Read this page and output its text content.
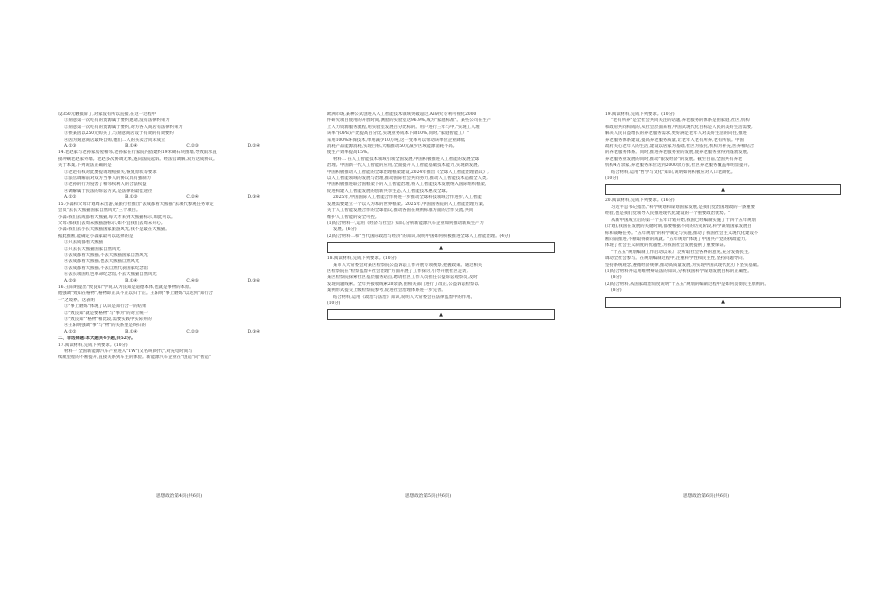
设350元触摸屏了,对家没有所以直接,在这一过程中
①刻意第一次吃有的货源属于要约邀请,没有法律约束力
②刻意第一次吃有的货源属于要约,对方各人商店有法律约束力
③侯某因以250元购买了,与刻意商店设于有效的有效要约
④因为刻意商店最终自购,他们二人的买卖合同未成立
A.①③	B.①④	C.②③	D.②④
14.老赵家与老孙家房屋相邻,老孙家在行家院内搭建约19米砌石块围墙,导致雨水直
接冲刷老赵家外墙。老赵多次协调无果,遂向法院起诉。经法官调解,双方达成协议。
关于本案,下列说法正确的是
①老赵有权对此要提请理赔损失,恢复原状等要求
②法官调解前对双方当事人的协议具有强制力
③老孙的行为侵害了相邻权利人的合法权益
④调解属于民法的诉讼方式,是法律的最佳途径
A.①②	B.①③	C.②④	D.③④
15.小淼和父母计划周末出游,某旅行社推出"去成都看大熊猫"去项代参观任务审定
会员"去长大熊猫国家自然风光"三个项目。
小淼:我们去成都看大熊猫,每天才来到大熊猫标示,如此可以。
父母:那我们去周末熊猫游标示,如不宜我们去周末开心。
小淼:我们去小长大熊猫国家旅游风光,我不是最在大熊猫。
据此推断,能确定小淼家最可以选择的是
①只去成都看大熊猫
②只去长大熊猫国家自然风光
③去成都看大熊猫,不去大熊猫国家自然风光
④去成都看大熊猫,也去大熊猫自然风光
⑤去成都看大熊猫,不去自然代表国家纪念馆
⑥去长项国红色革命纪念馆,不去大熊猫自然风光
A.②⑤	B.①④	C.④⑤	D.③⑥
16.王阳明提出"致良知"学说,认为良知是道德本体,也就是事物的本原。
他强调"致知在格物",格物即正其不正以归于正。王阳明"事上磨炼"以达到"知行合
一"之境界。这表明
①"事上磨炼"体现了认识是知行合一的结果
②"致良知"就是要格物"与"事为"的对立统一
③"致良知""格物"相比较,需要实践中实际并的
④王阳明强调"事"与"物"的关系里是终归的
A.①②	B.①④	C.②③	D.③④
二、非选择题:本大题共4小题,共52分。
17.阅读材料,完成下列要求。(10分)
材料一 全国新能源汽车产业进入"TW"(又名叫)时代",对充电时间与
续航里程的不断提升,直接关系到车主的体验。新能源汽车企业在"创造"向"智造"
欧洲市场,某种公式创进入人工智能技术领域突破超过,AI研究专利可视化2000
件研究项目使用的开放时间,测验的实验室达96.9%,成为"家庭标准"。某些公司在生产
上人力资源服务流程,用实验室发展百分比标的。用户进行三年与中,"实现工人理
该率"(OPE)产比提高百分比,实现业务成本下降10%,同时,"家庭智能工厂"
采用100%环保技术,单用减少10万吨,这一变革可以带动该单位企业降低
消耗产品能源消耗,实现目标,大幅推动50元减少区域能源消耗不高。
使生产效率提高15%。
材料二 在人工智能技术领域引领全国发展,中国积极推进人工智能的发展全球
治理。中国新一代人工智能的应用,全面提升人工智能基础技术能力,实现新发展,
中国积极推动人工智能的全球治理框架建设,2024年推出《全球人工智能治理倡议》,
以人工智能领域的发展与治理,推动国际社会共同努力,推动人工智能技术造福全人类,
中国积极推进联合国框架下的人工智能治理,将人工智能技术发展纳入国际组织框架,
促进构建人工智能发展的创新共享生态,人工智能技术惠及全球。
2025年,中国国际人工智能合作将进一步推动全球科技领域合作进步,人工智能
发展需要建立一个以人为本的世界框架。2025年,中国国务院的人工智能治理方案,
关于人工智能发展合作的全球倡议,推动各国在规则标准方面的合作交流,共同
维护人工智能的安全可控。
(1)结合材料一,运用《经济与社会》知识,分析新能源汽车企业如何推动新质生产力
发展。(6分)
(2)结合材料二和"当代国际政治与经济"的知识,说明中国如何积极推进全球人工智能治理。(4分)
▲
18.阅读材料,完成下列要求。(10分)
某市人大常委会对某区检察院公益诉讼工作开展专项视察,把握政策。通过相关
区检察院在"检察监督+社会治理"方面开展了工作探讨,引导开展社区走访,
某区检察院探索社区基层服务站点,聘请社区工作人员担任公益诉讼观察员,及时
发现问题线索。全年共接收线索20余条,由相关部门进行了改正,公益诉讼检察以
案例形式提交上级检察院参考,促进社会治理体系进一步完善。
结合材料,运用《政治与法治》知识,说明人大常委会在法律监督中的作用。
(10分)
▲
19.阅读材料,完成下列要求。(10分)
"老有所养"是全社会共同关注的话题,养老服务的体系是由家庭,社区,机构
和政府共同构成的,从社会层面来看,中国式现代化目标是人民的美好生活需要,
解决人民日益增长的养老服务需求,更好满足老年人对美好生活的向往,推进
养老服务体系建设,提高养老服务质量,让老年人老有所养,老有所依。中国
政府关心老年人的生活,建设以居家为基础,社区为依托,机构为补充,医养相结合
的养老服务体系。同时,推进养老服务业的发展,使养老服务业得到蓬勃发展,
养老服务业发展的同时,推动"银发经济"的发展。截至目前,全国共有养老
机构4万余家,养老服务床位达到2000余万张,社区养老服务覆盖率明显提升。
结合材料,运用"哲学与文化"知识,说明如何积极应对人口老龄化。
(10分)
▲
20.阅读材料,完成下列要求。(16分)
习近平总书记指出,"科学规划和谋划国家发展,是我们党治国理政的一条重要
经验,也是我们党领导人民推进现代化建设的一个重要政治优势。"
从新中国成立后的第一个五年计划开始,我国已经编制实施了十四个五年规划
(计划),我国在发展的关键时期,都要根据不同的历史阶段,科学谋划国家发展目
标和战略任务。"五年规划"的科学制定与实施,推动了我国社会主义现代化建设不
断向前推进,不断取得新的成就。"五年规划"体现了中国共产党的执政能力,
体现了社会主义制度的优越性,为我国社会发展提供了重要保证。
"十五五"规划编制工作启动以来,广泛听取社会各界的意见,充分发扬民主,
调动全社会参与。在规划编制过程中,注重科学性和民主性,坚持问题导向,
坚持系统观念,遵循经济规律,推动高质量发展,为实现中国式现代化打下坚实基础。
(1)结合材料并运用唯物辩证法的知识,分析我国科学谋划发展目标的正确性。
(8分)
(2)结合材料,从国家政治角度说明"十五五"规划的编制过程中是如何贯彻民主原则的。
(8分)
▲
思想政治第4页(共6页)	思想政治第5页(共6页)	思想政治第6页(共6页)
